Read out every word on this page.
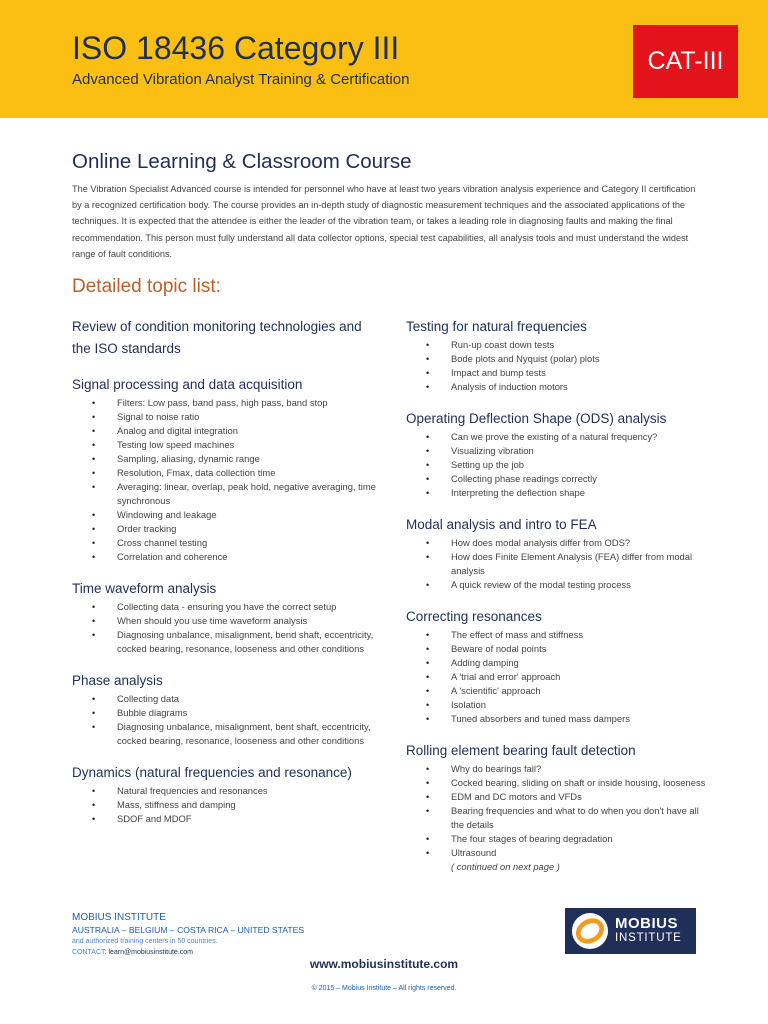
ISO 18436 Category III
Advanced Vibration Analyst Training & Certification
CAT-III
Online Learning & Classroom Course
The Vibration Specialist Advanced course is intended for personnel who have at least two years vibration analysis experience and Category II certification by a recognized certification body. The course provides an in-depth study of diagnostic measurement techniques and the associated applications of the techniques. It is expected that the attendee is either the leader of the vibration team, or takes a leading role in diagnosing faults and making the final recommendation. This person must fully understand all data collector options, special test capabilities, all analysis tools and must understand the widest range of fault conditions.
Detailed topic list:
Review of condition monitoring technologies and the ISO standards
Signal processing and data acquisition
• Filters: Low pass, band pass, high pass, band stop
• Signal to noise ratio
• Analog and digital integration
• Testing low speed machines
• Sampling, aliasing, dynamic range
• Resolution, Fmax, data collection time
• Averaging: linear, overlap, peak hold, negative averaging, time synchronous
• Windowing and leakage
• Order tracking
• Cross channel testing
• Correlation and coherence
Time waveform analysis
• Collecting data - ensuring you have the correct setup
• When should you use time waveform analysis
• Diagnosing unbalance, misalignment, bend shaft, eccentricity, cocked bearing, resonance, looseness and other conditions
Phase analysis
• Collecting data
• Bubble diagrams
• Diagnosing unbalance, misalignment, bent shaft, eccentricity, cocked bearing, resonance, looseness and other conditions
Dynamics (natural frequencies and resonance)
• Natural frequencies and resonances
• Mass, stiffness and damping
• SDOF and MDOF
Testing for natural frequencies
• Run-up coast down tests
• Bode plots and Nyquist (polar) plots
• Impact and bump tests
• Analysis of induction motors
Operating Deflection Shape (ODS) analysis
• Can we prove the existing of a natural frequency?
• Visualizing vibration
• Setting up the job
• Collecting phase readings correctly
• Interpreting the deflection shape
Modal analysis and intro to FEA
• How does modal analysis differ from ODS?
• How does Finite Element Analysis (FEA) differ from modal analysis
• A quick review of the modal testing process
Correcting resonances
• The effect of mass and stiffness
• Beware of nodal points
• Adding damping
• A 'trial and error' approach
• A 'scientific' approach
• Isolation
• Tuned absorbers and tuned mass dampers
Rolling element bearing fault detection
• Why do bearings fail?
• Cocked bearing, sliding on shaft or inside housing, looseness
• EDM and DC motors and VFDs
• Bearing frequencies and what to do when you don't have all the details
• The four stages of bearing degradation
• Ultrasound
( continued on next page )
MOBIUS INSTITUTE
AUSTRALIA – BELGIUM – COSTA RICA – UNITED STATES
and authorized training centers in 50 countries.
CONTACT: learn@mobiusinstitute.com
MOBIUS
INSTITUTE
www.mobiusinstitute.com
© 2015 – Mobius Institute – All rights reserved.
